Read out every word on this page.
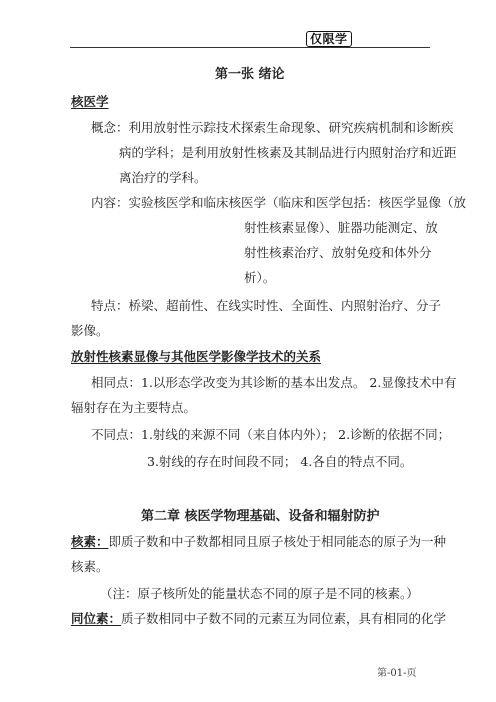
仅限学
第一张 绪论
核医学
概念：利用放射性示踪技术探索生命现象、研究疾病机制和诊断疾
病的学科；是利用放射性核素及其制品进行内照射治疗和近距
离治疗的学科。
内容：实验核医学和临床核医学（临床和医学包括：核医学显像（放
射性核素显像）、脏器功能测定、放
射性核素治疗、放射免疫和体外分
析）。
特点：桥梁、超前性、在线实时性、全面性、内照射治疗、分子
影像。
放射性核素显像与其他医学影像学技术的关系
相同点：1.以形态学改变为其诊断的基本出发点。 2.显像技术中有
辐射存在为主要特点。
不同点：1.射线的来源不同（来自体内外）； 2.诊断的依据不同；
3.射线的存在时间段不同； 4.各自的特点不同。
第二章 核医学物理基础、设备和辐射防护
核素：即质子数和中子数都相同且原子核处于相同能态的原子为一种
核素。
（注：原子核所处的能量状态不同的原子是不同的核素。）
同位素：质子数相同中子数不同的元素互为同位素，具有相同的化学
第-01-页
